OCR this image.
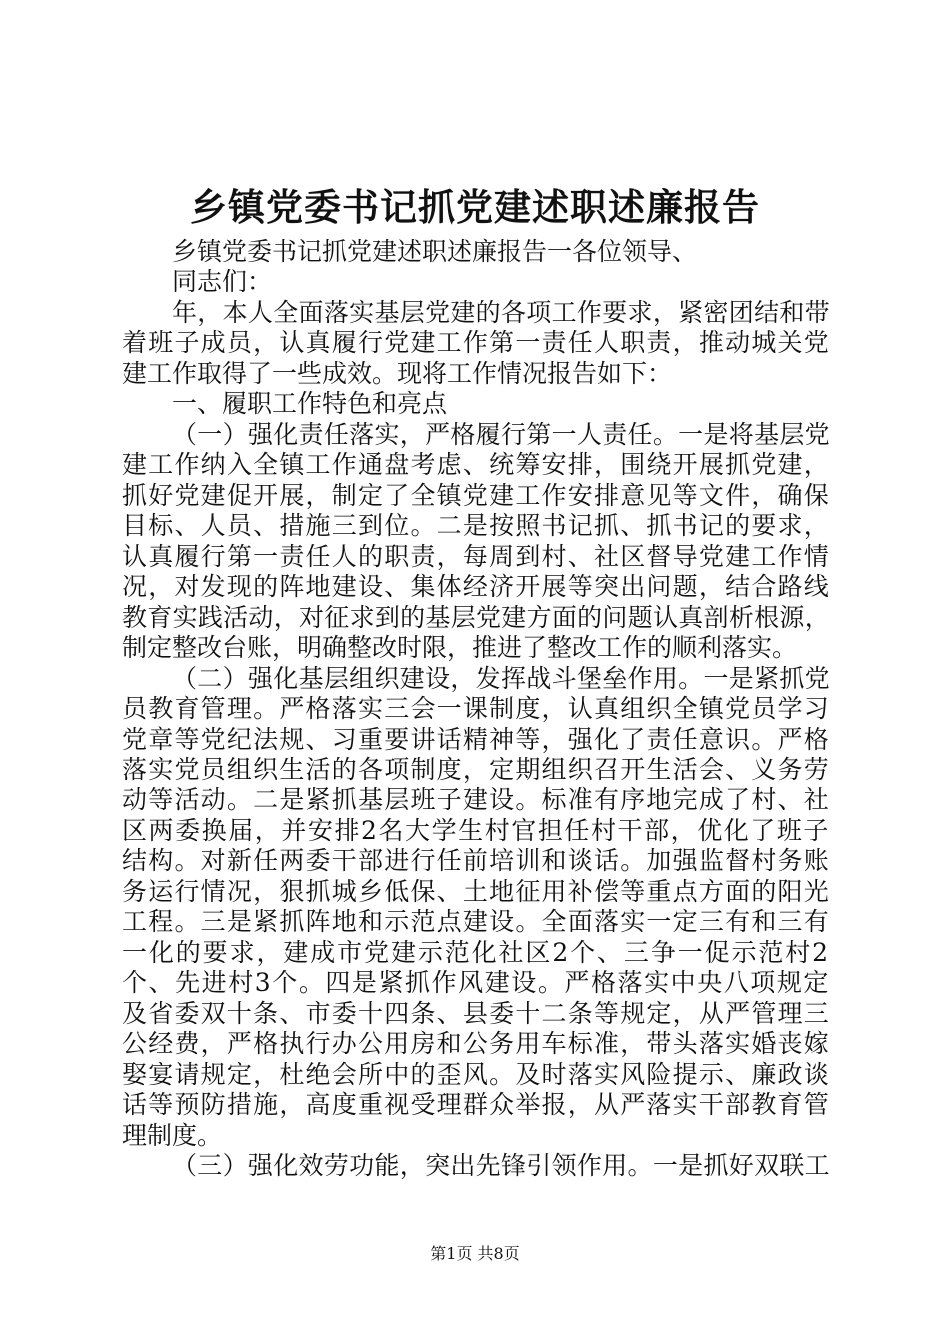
乡镇党委书记抓党建述职述廉报告
乡镇党委书记抓党建述职述廉报告一各位领导、
同志们：
年，本人全面落实基层党建的各项工作要求，紧密团结和带
着班子成员，认真履行党建工作第一责任人职责，推动城关党
建工作取得了一些成效。现将工作情况报告如下：
一、履职工作特色和亮点
（一）强化责任落实，严格履行第一人责任。一是将基层党
建工作纳入全镇工作通盘考虑、统筹安排，围绕开展抓党建，
抓好党建促开展，制定了全镇党建工作安排意见等文件，确保
目标、人员、措施三到位。二是按照书记抓、抓书记的要求，
认真履行第一责任人的职责，每周到村、社区督导党建工作情
况，对发现的阵地建设、集体经济开展等突出问题，结合路线
教育实践活动，对征求到的基层党建方面的问题认真剖析根源，
制定整改台账，明确整改时限，推进了整改工作的顺利落实。
（二）强化基层组织建设，发挥战斗堡垒作用。一是紧抓党
员教育管理。严格落实三会一课制度，认真组织全镇党员学习
党章等党纪法规、习重要讲话精神等，强化了责任意识。严格
落实党员组织生活的各项制度，定期组织召开生活会、义务劳
动等活动。二是紧抓基层班子建设。标准有序地完成了村、社
区两委换届，并安排2名大学生村官担任村干部，优化了班子
结构。对新任两委干部进行任前培训和谈话。加强监督村务账
务运行情况，狠抓城乡低保、土地征用补偿等重点方面的阳光
工程。三是紧抓阵地和示范点建设。全面落实一定三有和三有
一化的要求，建成市党建示范化社区2个、三争一促示范村2
个、先进村3个。四是紧抓作风建设。严格落实中央八项规定
及省委双十条、市委十四条、县委十二条等规定，从严管理三
公经费，严格执行办公用房和公务用车标准，带头落实婚丧嫁
娶宴请规定，杜绝会所中的歪风。及时落实风险提示、廉政谈
话等预防措施，高度重视受理群众举报，从严落实干部教育管
理制度。
（三）强化效劳功能，突出先锋引领作用。一是抓好双联工
第1页 共8页
